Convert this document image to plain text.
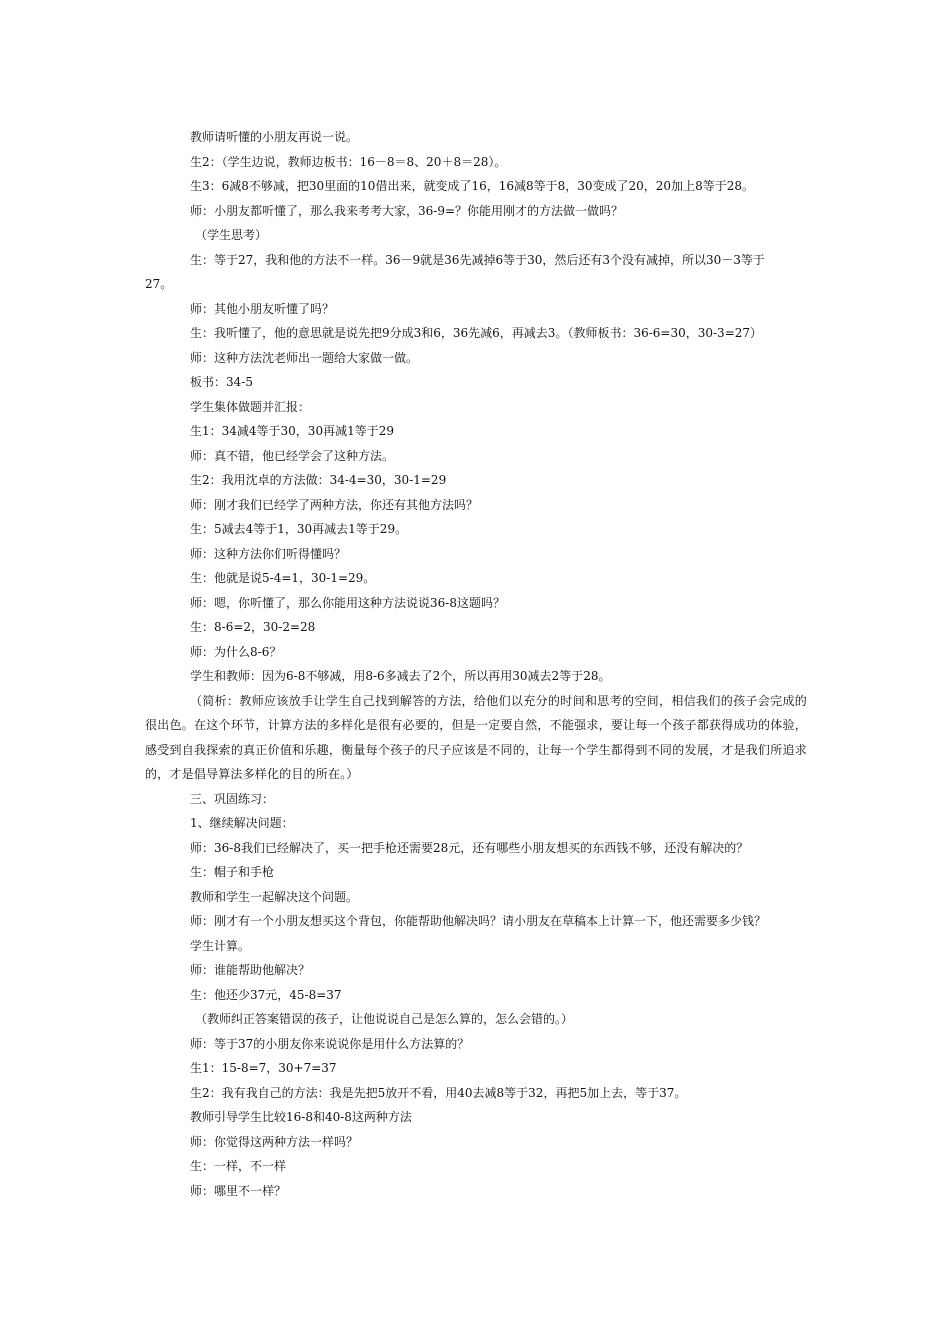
教师请听懂的小朋友再说一说。
生2：（学生边说，教师边板书：16－8＝8、20＋8＝28）。
生3：6减8不够减，把30里面的10借出来，就变成了16，16减8等于8，30变成了20，20加上8等于28。
师：小朋友都听懂了，那么我来考考大家，36-9=？你能用刚才的方法做一做吗？
（学生思考）
生：等于27，我和他的方法不一样。36－9就是36先减掉6等于30，然后还有3个没有减掉，所以30－3等于
27。
师：其他小朋友听懂了吗？
生：我听懂了，他的意思就是说先把9分成3和6，36先减6，再减去3。（教师板书：36-6=30，30-3=27）
师：这种方法沈老师出一题给大家做一做。
板书：34-5
学生集体做题并汇报：
生1：34减4等于30，30再减1等于29
师：真不错，他已经学会了这种方法。
生2：我用沈卓的方法做：34-4=30，30-1=29
师：刚才我们已经学了两种方法，你还有其他方法吗？
生：5减去4等于1，30再减去1等于29。
师：这种方法你们听得懂吗？
生：他就是说5-4=1，30-1=29。
师：嗯，你听懂了，那么你能用这种方法说说36-8这题吗？
生：8-6=2，30-2=28
师：为什么8-6？
学生和教师：因为6-8不够减，用8-6多减去了2个，所以再用30减去2等于28。
（简析：教师应该放手让学生自己找到解答的方法，给他们以充分的时间和思考的空间，相信我们的孩子会完成的很出色。在这个环节，计算方法的多样化是很有必要的，但是一定要自然，不能强求，要让每一个孩子都获得成功的体验，感受到自我探索的真正价值和乐趣，衡量每个孩子的尺子应该是不同的，让每一个学生都得到不同的发展，才是我们所追求的，才是倡导算法多样化的目的所在。）
三、巩固练习：
1、继续解决问题：
师：36-8我们已经解决了，买一把手枪还需要28元，还有哪些小朋友想买的东西钱不够，还没有解决的？
生：帽子和手枪
教师和学生一起解决这个问题。
师：刚才有一个小朋友想买这个背包，你能帮助他解决吗？请小朋友在草稿本上计算一下，他还需要多少钱？
学生计算。
师：谁能帮助他解决？
生：他还少37元，45-8=37
（教师纠正答案错误的孩子，让他说说自己是怎么算的，怎么会错的。）
师：等于37的小朋友你来说说你是用什么方法算的？
生1：15-8=7，30+7=37
生2：我有我自己的方法：我是先把5放开不看，用40去减8等于32，再把5加上去，等于37。
教师引导学生比较16-8和40-8这两种方法
师：你觉得这两种方法一样吗？
生：一样，不一样
师：哪里不一样？
